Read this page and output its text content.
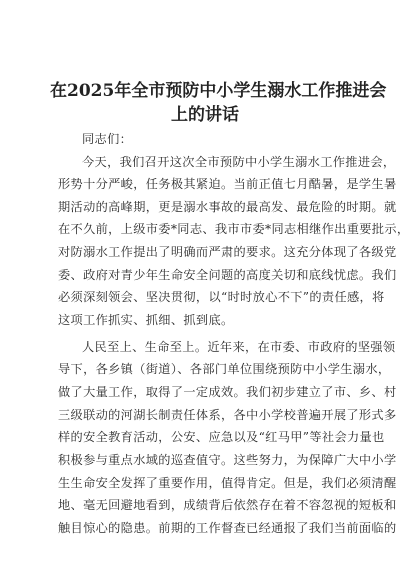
在2025年全市预防中小学生溺水工作推进会
上的讲话

同志们：

今天，我们召开这次全市预防中小学生溺水工作推进会，

形势十分严峻，任务极其紧迫。当前正值七月酷暑，是学生暑

期活动的高峰期，更是溺水事故的最高发、最危险的时期。就

在不久前，上级市委*同志、我市市委*同志相继作出重要批示，

对防溺水工作提出了明确而严肃的要求。这充分体现了各级党

委、政府对青少年生命安全问题的高度关切和底线忧虑。我们

必须深刻领会、坚决贯彻，以“时时放心不下”的责任感，将

这项工作抓实、抓细、抓到底。

人民至上、生命至上。近年来，在市委、市政府的坚强领

导下，各乡镇（街道）、各部门单位围绕预防中小学生溺水，

做了大量工作，取得了一定成效。我们初步建立了市、乡、村

三级联动的河湖长制责任体系，各中小学校普遍开展了形式多

样的安全教育活动，公安、应急以及“红马甲”等社会力量也

积极参与重点水域的巡查值守。这些努力，为保障广大中小学

生生命安全发挥了重要作用，值得肯定。但是，我们必须清醒

地、毫无回避地看到，成绩背后依然存在着不容忽视的短板和

触目惊心的隐患。前期的工作督查已经通报了我们当前面临的
